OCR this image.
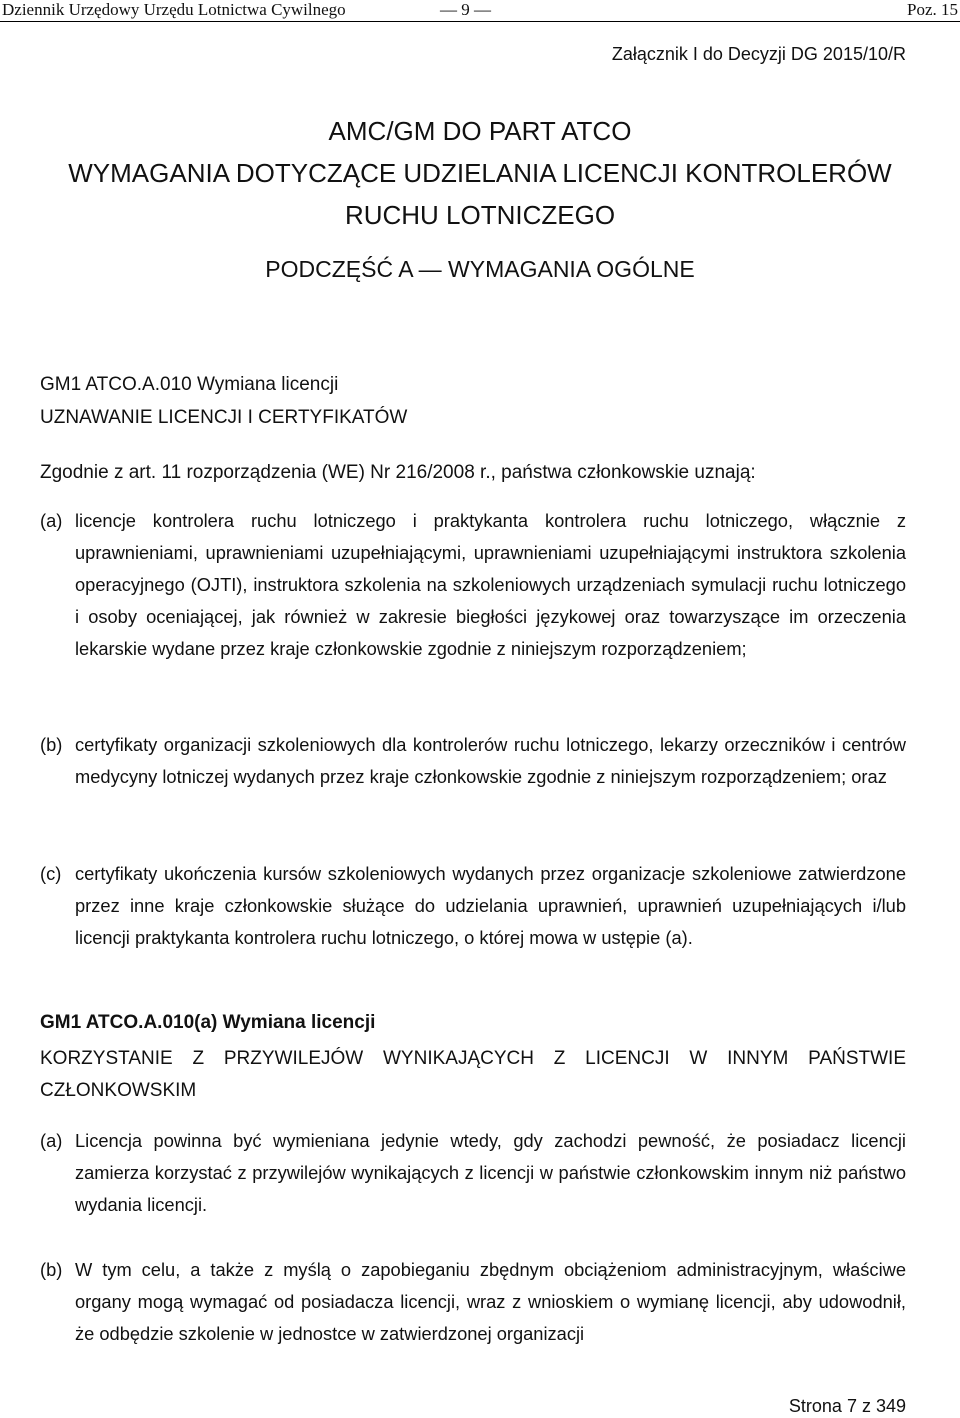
Dziennik Urzędowy Urzędu Lotnictwa Cywilnego	— 9 —	Poz. 15
Załącznik I do Decyzji DG 2015/10/R
AMC/GM DO PART ATCO
WYMAGANIA DOTYCZĄCE UDZIELANIA LICENCJI KONTROLERÓW
RUCHU LOTNICZEGO
PODCZĘŚĆ A — WYMAGANIA OGÓLNE
GM1 ATCO.A.010 Wymiana licencji
UZNAWANIE LICENCJI I CERTYFIKATÓW
Zgodnie z art. 11 rozporządzenia (WE) Nr 216/2008 r., państwa członkowskie uznają:
(a) licencje kontrolera ruchu lotniczego i praktykanta kontrolera ruchu lotniczego, włącznie z uprawnieniami, uprawnieniami uzupełniającymi, uprawnieniami uzupełniającymi instruktora szkolenia operacyjnego (OJTI), instruktora szkolenia na szkoleniowych urządzeniach symulacji ruchu lotniczego i osoby oceniającej, jak również w zakresie biegłości językowej oraz towarzyszące im orzeczenia lekarskie wydane przez kraje członkowskie zgodnie z niniejszym rozporządzeniem;
(b) certyfikaty organizacji szkoleniowych dla kontrolerów ruchu lotniczego, lekarzy orzeczników i centrów medycyny lotniczej wydanych przez kraje członkowskie zgodnie z niniejszym rozporządzeniem; oraz
(c) certyfikaty ukończenia kursów szkoleniowych wydanych przez organizacje szkoleniowe zatwierdzone przez inne kraje członkowskie służące do udzielania uprawnień, uprawnień uzupełniających i/lub licencji praktykanta kontrolera ruchu lotniczego, o której mowa w ustępie (a).
GM1 ATCO.A.010(a) Wymiana licencji
KORZYSTANIE Z PRZYWILEJÓW WYNIKAJĄCYCH Z LICENCJI W INNYM PAŃSTWIE CZŁONKOWSKIM
(a) Licencja powinna być wymieniana jedynie wtedy, gdy zachodzi pewność, że posiadacz licencji zamierza korzystać z przywilejów wynikających z licencji w państwie członkowskim innym niż państwo wydania licencji.
(b) W tym celu, a także z myślą o zapobieganiu zbędnym obciążeniom administracyjnym, właściwe organy mogą wymagać od posiadacza licencji, wraz z wnioskiem o wymianę licencji, aby udowodnił, że odbędzie szkolenie w jednostce w zatwierdzonej organizacji
Strona 7 z 349
